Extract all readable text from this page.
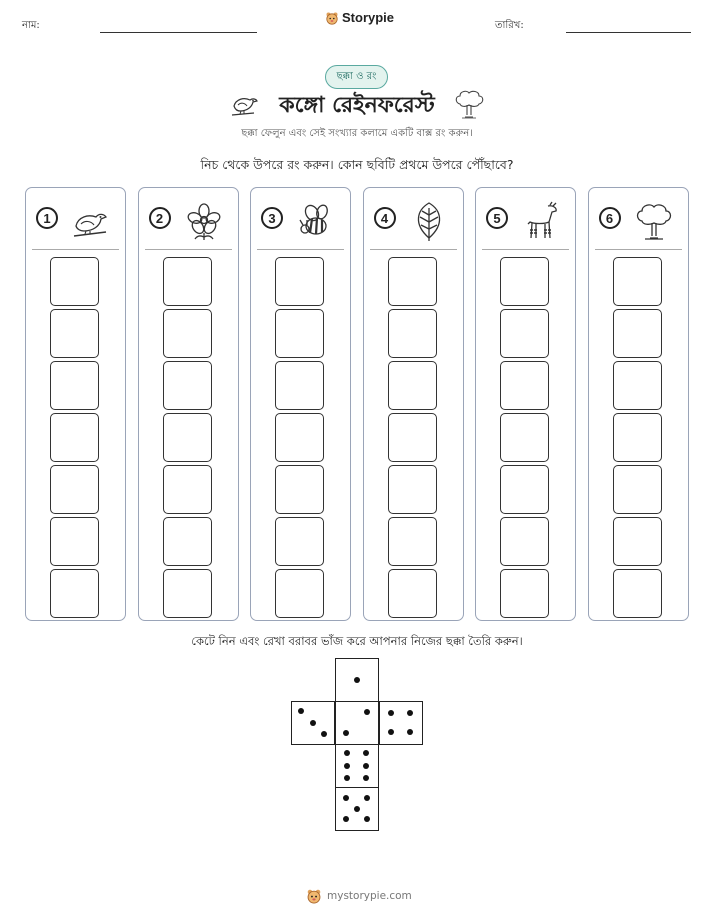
নাম:
Storypie
তারিখ:
ছক্কা ও রং
কঙ্গো রেইনফরেস্ট
ছক্কা ফেলুন এবং সেই সংখ্যার কলামে একটি বাক্স রং করুন।
নিচ থেকে উপরে রং করুন। কোন ছবিটি প্রথমে উপরে পৌঁছাবে?
1	2	3	4	5	6
কেটে নিন এবং রেখা বরাবর ভাঁজ করে আপনার নিজের ছক্কা তৈরি করুন।
mystorypie.com
